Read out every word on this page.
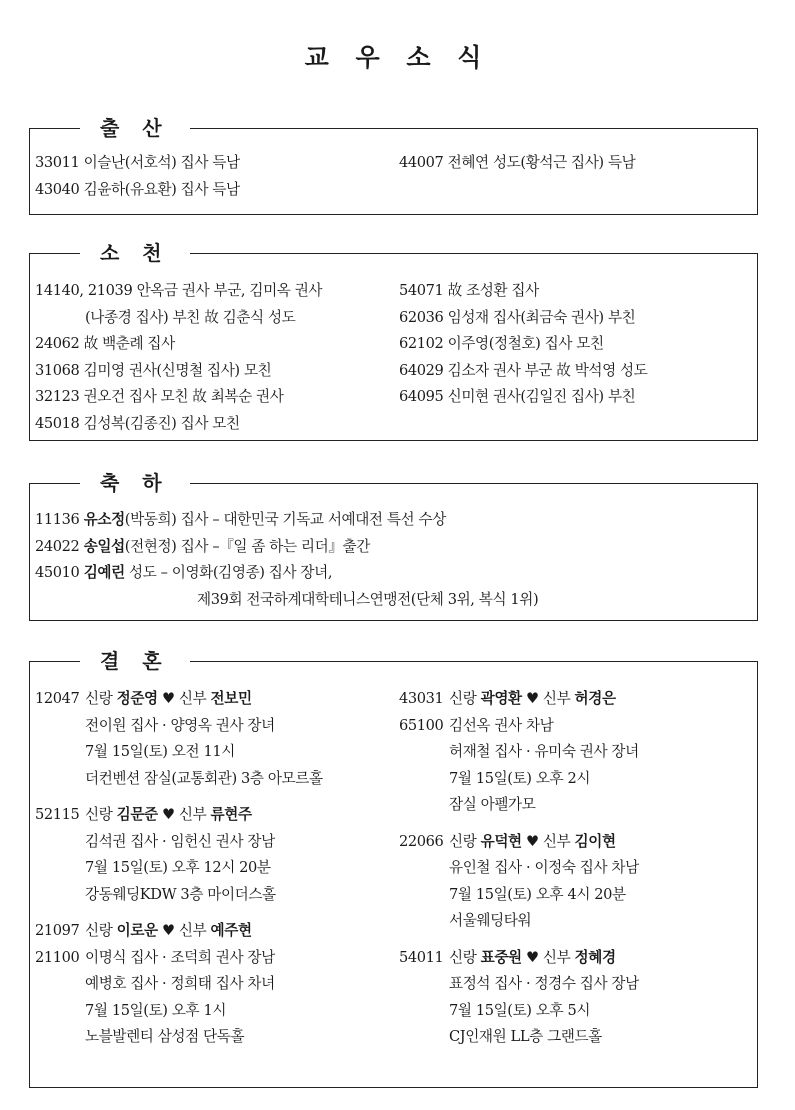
교 우 소 식
출 산
33011 이슬난(서호석) 집사 득남
43040 김윤하(유요환) 집사 득남
44007 전혜연 성도(황석근 집사) 득남
소 천
14140, 21039 안옥금 권사 부군, 김미옥 권사
(나종경 집사) 부친 故 김춘식 성도
24062 故 백춘례 집사
31068 김미영 권사(신명철 집사) 모친
32123 권오건 집사 모친 故 최복순 권사
45018 김성복(김종진) 집사 모친
54071 故 조성환 집사
62036 임성재 집사(최금숙 권사) 부친
62102 이주영(정철호) 집사 모친
64029 김소자 권사 부군 故 박석영 성도
64095 신미현 권사(김일진 집사) 부친
축 하
11136 유소정(박동희) 집사 – 대한민국 기독교 서예대전 특선 수상
24022 송일섭(전현정) 집사 –『일 좀 하는 리더』출간
45010 김예린 성도 – 이영화(김영종) 집사 장녀,
제39회 전국하계대학테니스연맹전(단체 3위, 복식 1위)
결 혼
12047신랑 정준영 ♥ 신부 전보민
전이원 집사 · 양영옥 권사 장녀
7월 15일(토) 오전 11시
더컨벤션 잠실(교통회관) 3층 아모르홀
52115신랑 김문준 ♥ 신부 류현주
김석권 집사 · 임헌신 권사 장남
7월 15일(토) 오후 12시 20분
강동웨딩KDW 3층 마이더스홀
21097신랑 이로운 ♥ 신부 예주현
21100 이명식 집사 · 조덕희 권사 장남
예병호 집사 · 정희태 집사 차녀
7월 15일(토) 오후 1시
노블발렌티 삼성점 단독홀
43031신랑 곽영환 ♥ 신부 허경은
65100 김선옥 권사 차남
허재철 집사 · 유미숙 권사 장녀
7월 15일(토) 오후 2시
잠실 아펠가모
22066신랑 유덕현 ♥ 신부 김이현
유인철 집사 · 이정숙 집사 차남
7월 15일(토) 오후 4시 20분
서울웨딩타워
54011신랑 표중원 ♥ 신부 정혜경
표정석 집사 · 정경수 집사 장남
7월 15일(토) 오후 5시
CJ인재원 LL층 그랜드홀
